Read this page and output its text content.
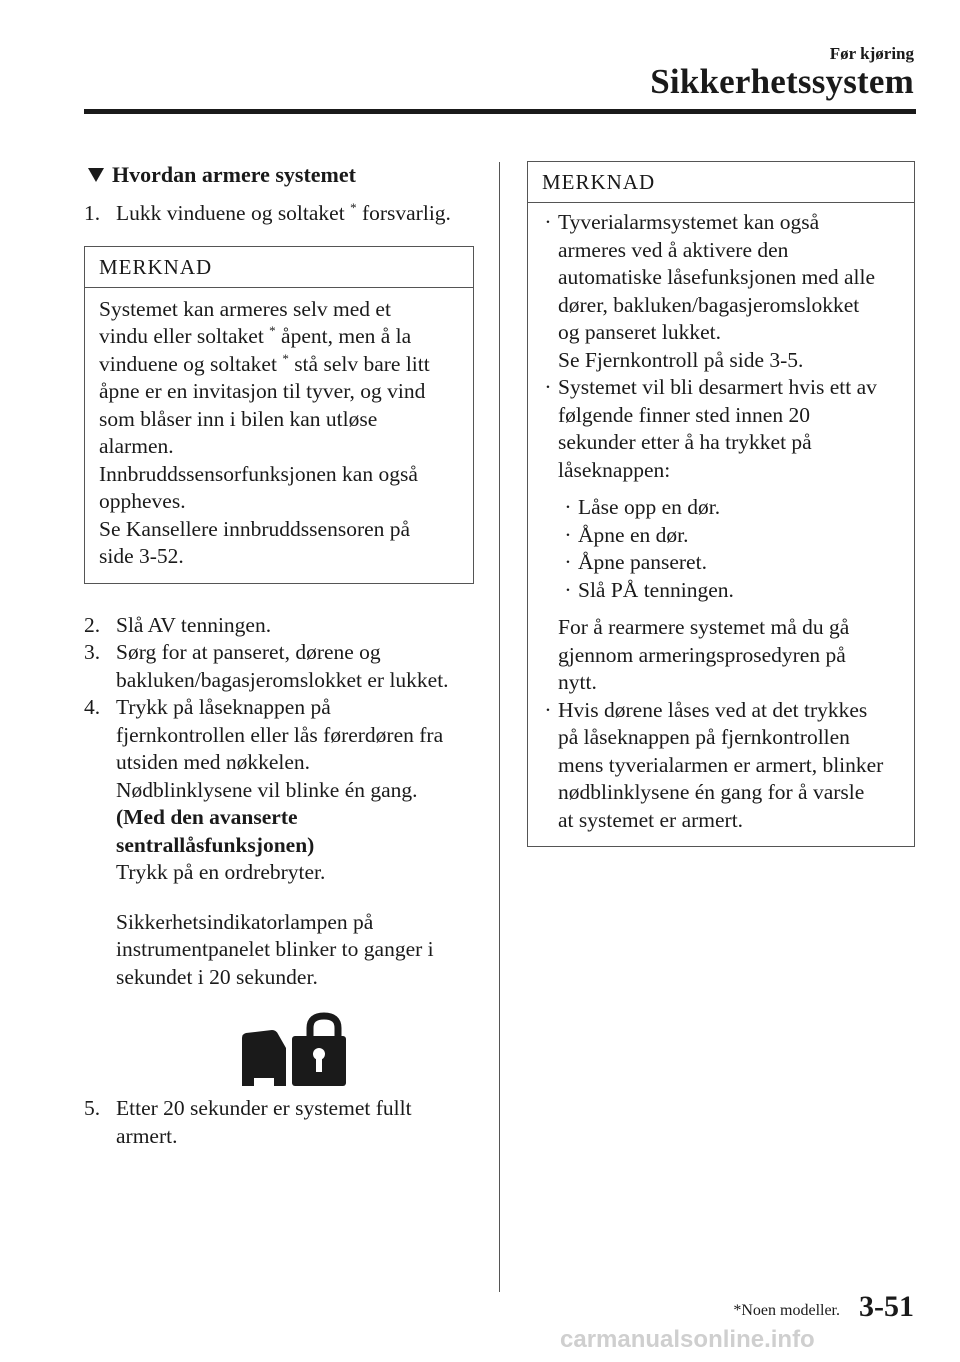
Før kjøring
Sikkerhetssystem
Hvordan armere systemet
1. Lukk vinduene og soltaket * forsvarlig.
MERKNAD
Systemet kan armeres selv med et
vindu eller soltaket * åpent, men å la
vinduene og soltaket * stå selv bare litt
åpne er en invitasjon til tyver, og vind
som blåser inn i bilen kan utløse
alarmen.
Innbruddssensorfunksjonen kan også
oppheves.
Se Kansellere innbruddssensoren på
side 3-52.
2. Slå AV tenningen.
3. Sørg for at panseret, dørene og
bakluken/bagasjeromslokket er lukket.
4. Trykk på låseknappen på
fjernkontrollen eller lås førerdøren fra
utsiden med nøkkelen.
Nødblinklysene vil blinke én gang.
(Med den avanserte
sentrallåsfunksjonen)
Trykk på en ordrebryter.
Sikkerhetsindikatorlampen på
instrumentpanelet blinker to ganger i
sekundet i 20 sekunder.
5. Etter 20 sekunder er systemet fullt
armert.
MERKNAD
· Tyverialarmsystemet kan også
armeres ved å aktivere den
automatiske låsefunksjonen med alle
dører, bakluken/bagasjeromslokket
og panseret lukket.
Se Fjernkontroll på side 3-5.
· Systemet vil bli desarmert hvis ett av
følgende finner sted innen 20
sekunder etter å ha trykket på
låseknappen:
· Låse opp en dør.
· Åpne en dør.
· Åpne panseret.
· Slå PÅ tenningen.
For å rearmere systemet må du gå
gjennom armeringsprosedyren på
nytt.
· Hvis dørene låses ved at det trykkes
på låseknappen på fjernkontrollen
mens tyverialarmen er armert, blinker
nødblinklysene én gang for å varsle
at systemet er armert.
*Noen modeller. 3-51
carmanualsonline.info
